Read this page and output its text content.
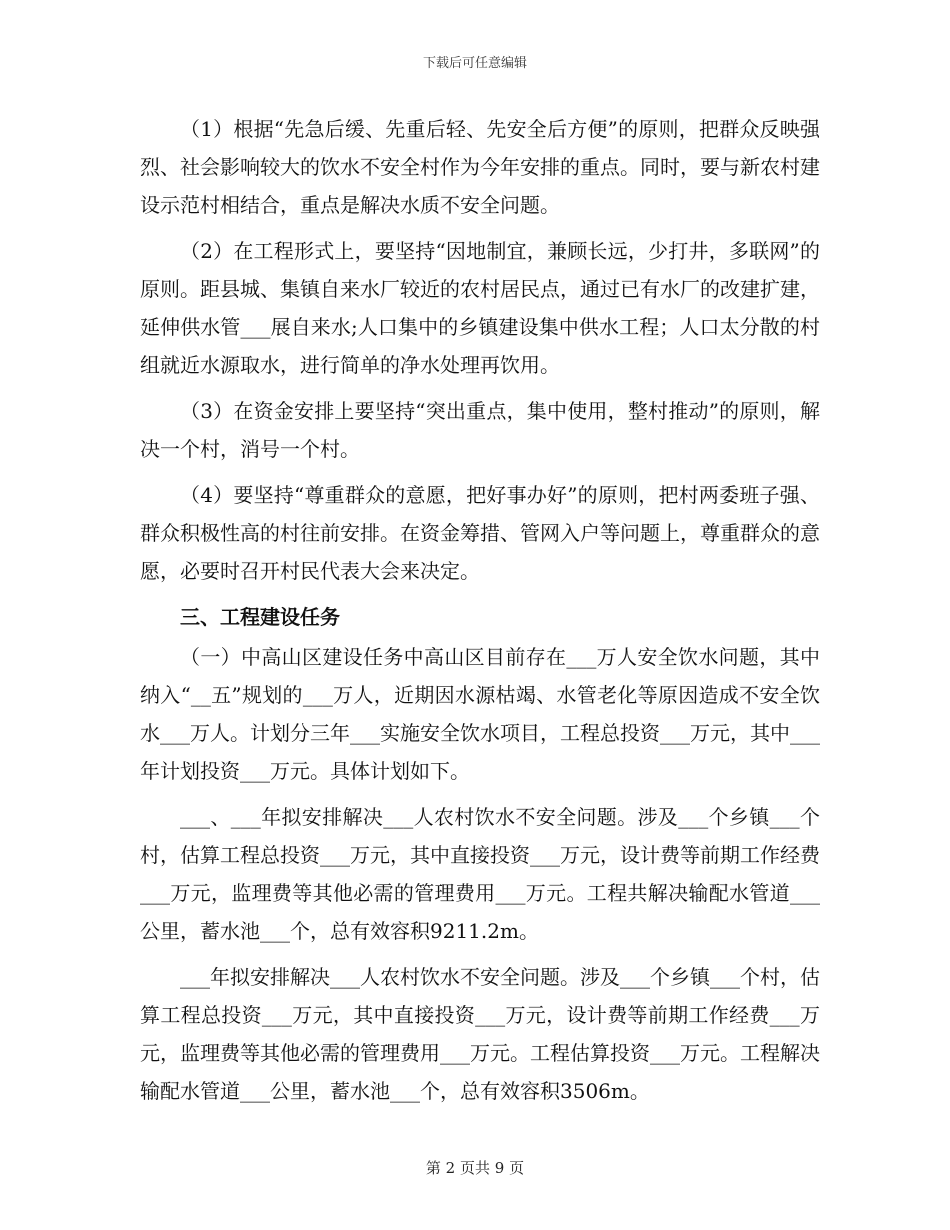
下载后可任意编辑

（1）根据“先急后缓、先重后轻、先安全后方便”的原则，把群众反映强烈、社会影响较大的饮水不安全村作为今年安排的重点。同时，要与新农村建设示范村相结合，重点是解决水质不安全问题。

（2）在工程形式上，要坚持“因地制宜，兼顾长远，少打井，多联网”的原则。距县城、集镇自来水厂较近的农村居民点，通过已有水厂的改建扩建，延伸供水管___展自来水;人口集中的乡镇建设集中供水工程；人口太分散的村组就近水源取水，进行简单的净水处理再饮用。

（3）在资金安排上要坚持“突出重点，集中使用，整村推动”的原则，解决一个村，消号一个村。

（4）要坚持“尊重群众的意愿，把好事办好”的原则，把村两委班子强、群众积极性高的村往前安排。在资金筹措、管网入户等问题上，尊重群众的意愿，必要时召开村民代表大会来决定。

三、工程建设任务

（一）中高山区建设任务中高山区目前存在___万人安全饮水问题，其中纳入“__五”规划的___万人，近期因水源枯竭、水管老化等原因造成不安全饮水___万人。计划分三年___实施安全饮水项目，工程总投资___万元，其中___年计划投资___万元。具体计划如下。

___、___年拟安排解决___人农村饮水不安全问题。涉及___个乡镇___个村，估算工程总投资___万元，其中直接投资___万元，设计费等前期工作经费___万元，监理费等其他必需的管理费用___万元。工程共解决输配水管道___公里，蓄水池___个，总有效容积9211.2m。

___年拟安排解决___人农村饮水不安全问题。涉及___个乡镇___个村，估算工程总投资___万元，其中直接投资___万元，设计费等前期工作经费___万元，监理费等其他必需的管理费用___万元。工程估算投资___万元。工程解决输配水管道___公里，蓄水池___个，总有效容积3506m。

第 2 页共 9 页
